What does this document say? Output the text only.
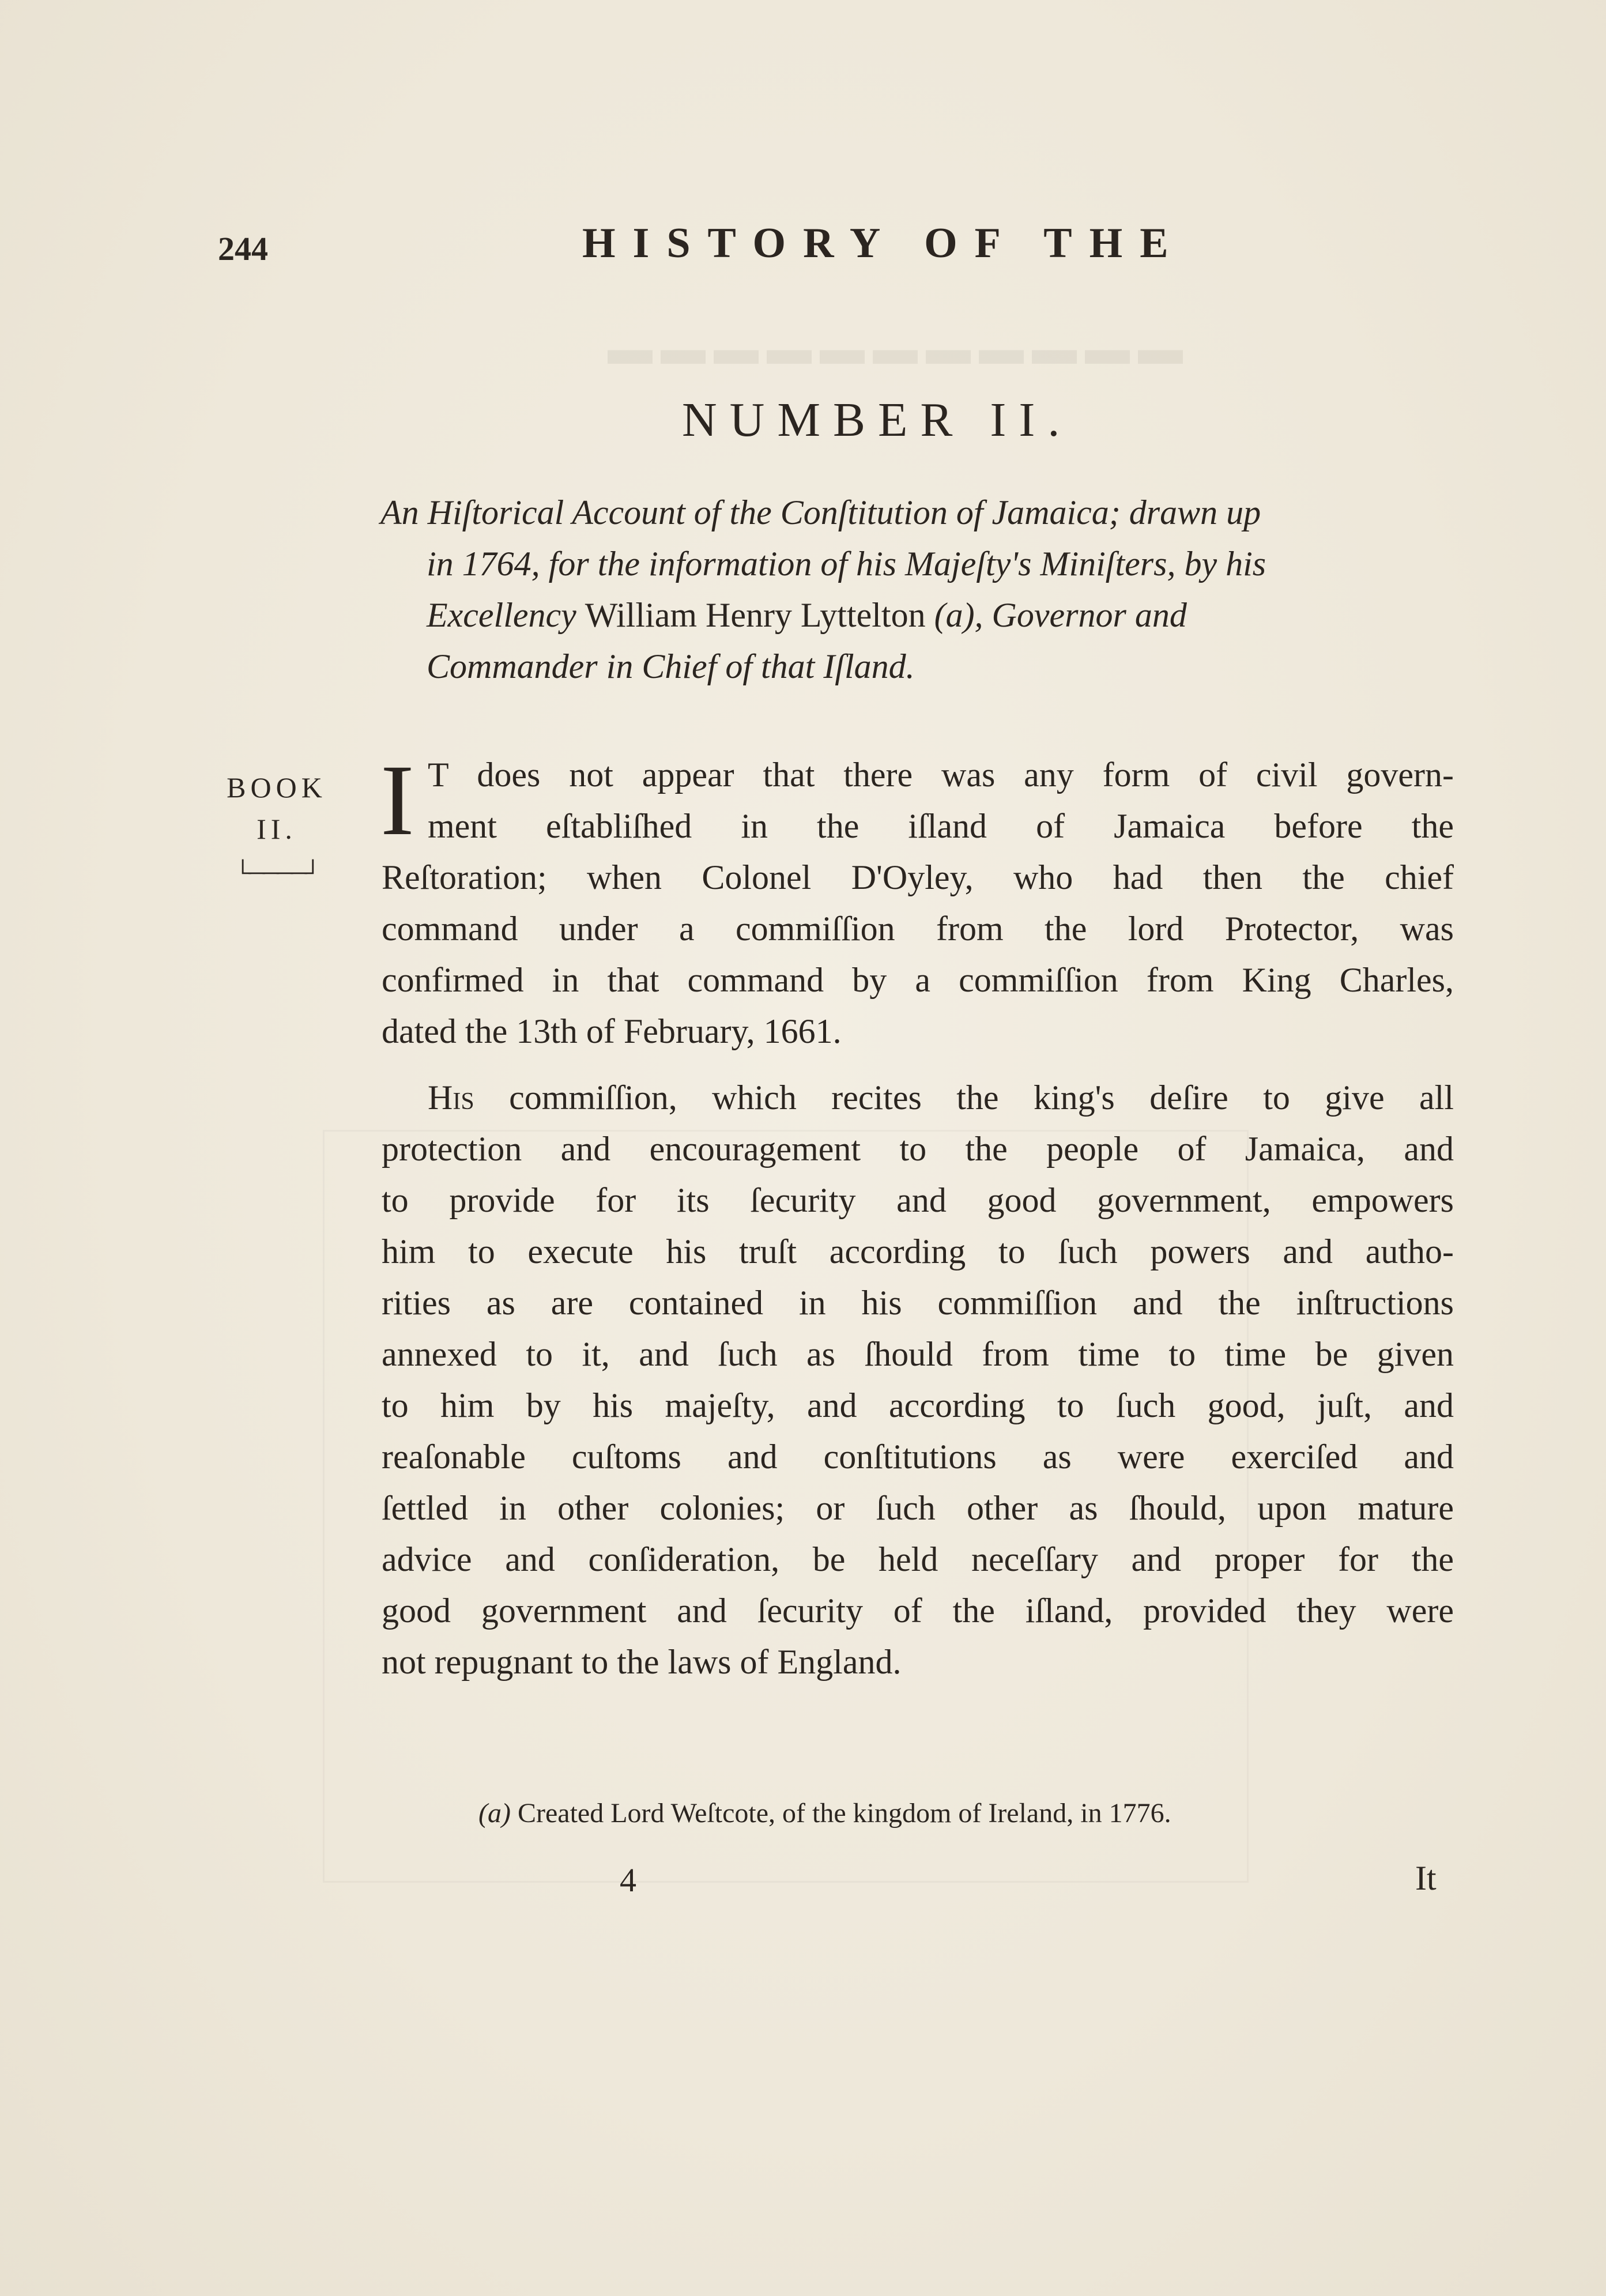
▬▬▬▬▬▬▬▬▬▬▬
244	HISTORY OF THE
NUMBER II.
An Hiſtorical Account of the Conſtitution of Jamaica; drawn up
in 1764, for the information of his Majeſty's Miniſters, by his
Excellency William Henry Lyttelton (a), Governor and
Commander in Chief of that Iſland.
BOOK
II.
└────┘
I T does not appear that there was any form of civil govern-
ment eſtabliſhed in the iſland of Jamaica before the
Reſtoration; when Colonel D'Oyley, who had then the chief
command under a commiſſion from the lord Protector, was
confirmed in that command by a commiſſion from King Charles,
dated the 13th of February, 1661.
His commiſſion, which recites the king's deſire to give all
protection and encouragement to the people of Jamaica, and
to provide for its ſecurity and good government, empowers
him to execute his truſt according to ſuch powers and autho-
rities as are contained in his commiſſion and the inſtructions
annexed to it, and ſuch as ſhould from time to time be given
to him by his majeſty, and according to ſuch good, juſt, and
reaſonable cuſtoms and conſtitutions as were exerciſed and
ſettled in other colonies; or ſuch other as ſhould, upon mature
advice and conſideration, be held neceſſary and proper for the
good government and ſecurity of the iſland, provided they were
not repugnant to the laws of England.
(a) Created Lord Weſtcote, of the kingdom of Ireland, in 1776.
4	It
